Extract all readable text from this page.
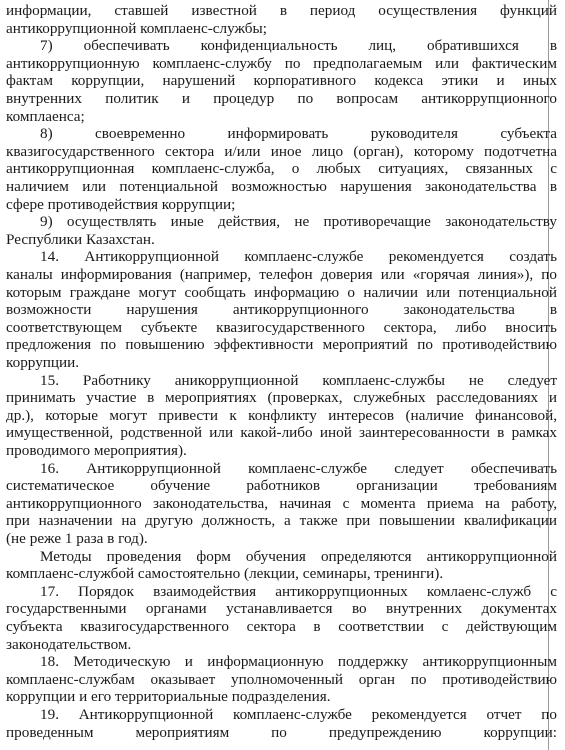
информации, ставшей известной в период осуществления функций
антикоррупционной комплаенс-службы;
7) обеспечивать конфиденциальность лиц, обратившихся в
антикоррупционную комплаенс-службу по предполагаемым или фактическим
фактам коррупции, нарушений корпоративного кодекса этики и иных
внутренних политик и процедур по вопросам антикоррупционного
комплаенса;
8) своевременно информировать руководителя субъекта
квазигосударственного сектора и/или иное лицо (орган), которому подотчетна
антикоррупционная комплаенс-служба, о любых ситуациях, связанных с
наличием или потенциальной возможностью нарушения законодательства в
сфере противодействия коррупции;
9) осуществлять иные действия, не противоречащие законодательству
Республики Казахстан.
14. Антикоррупционной комплаенс-службе рекомендуется создать
каналы информирования (например, телефон доверия или «горячая линия»), по
которым граждане могут сообщать информацию о наличии или потенциальной
возможности нарушения антикоррупционного законодательства в
соответствующем субъекте квазигосударственного сектора, либо вносить
предложения по повышению эффективности мероприятий по противодействию
коррупции.
15. Работнику аникоррупционной комплаенс-службы не следует
принимать участие в мероприятиях (проверках, служебных расследованиях и
др.), которые могут привести к конфликту интересов (наличие финансовой,
имущественной, родственной или какой-либо иной заинтересованности в рамках
проводимого мероприятия).
16. Антикоррупционной комплаенс-службе следует обеспечивать
систематическое обучение работников организации требованиям
антикоррупционного законодательства, начиная с момента приема на работу,
при назначении на другую должность, а также при повышении квалификации
(не реже 1 раза в год).
Методы проведения форм обучения определяются антикоррупционной
комплаенс-службой самостоятельно (лекции, семинары, тренинги).
17. Порядок взаимодействия антикоррупционных комлаенс-служб с
государственными органами устанавливается во внутренних документах
субъекта квазигосударственного сектора в соответствии с действующим
законодательством.
18. Методическую и информационную поддержку антикоррупционным
комплаенс-службам оказывает уполномоченный орган по противодействию
коррупции и его территориальные подразделения.
19. Антикоррупционной комплаенс-службе рекомендуется отчет по
проведенным мероприятиям по предупреждению коррупции:
